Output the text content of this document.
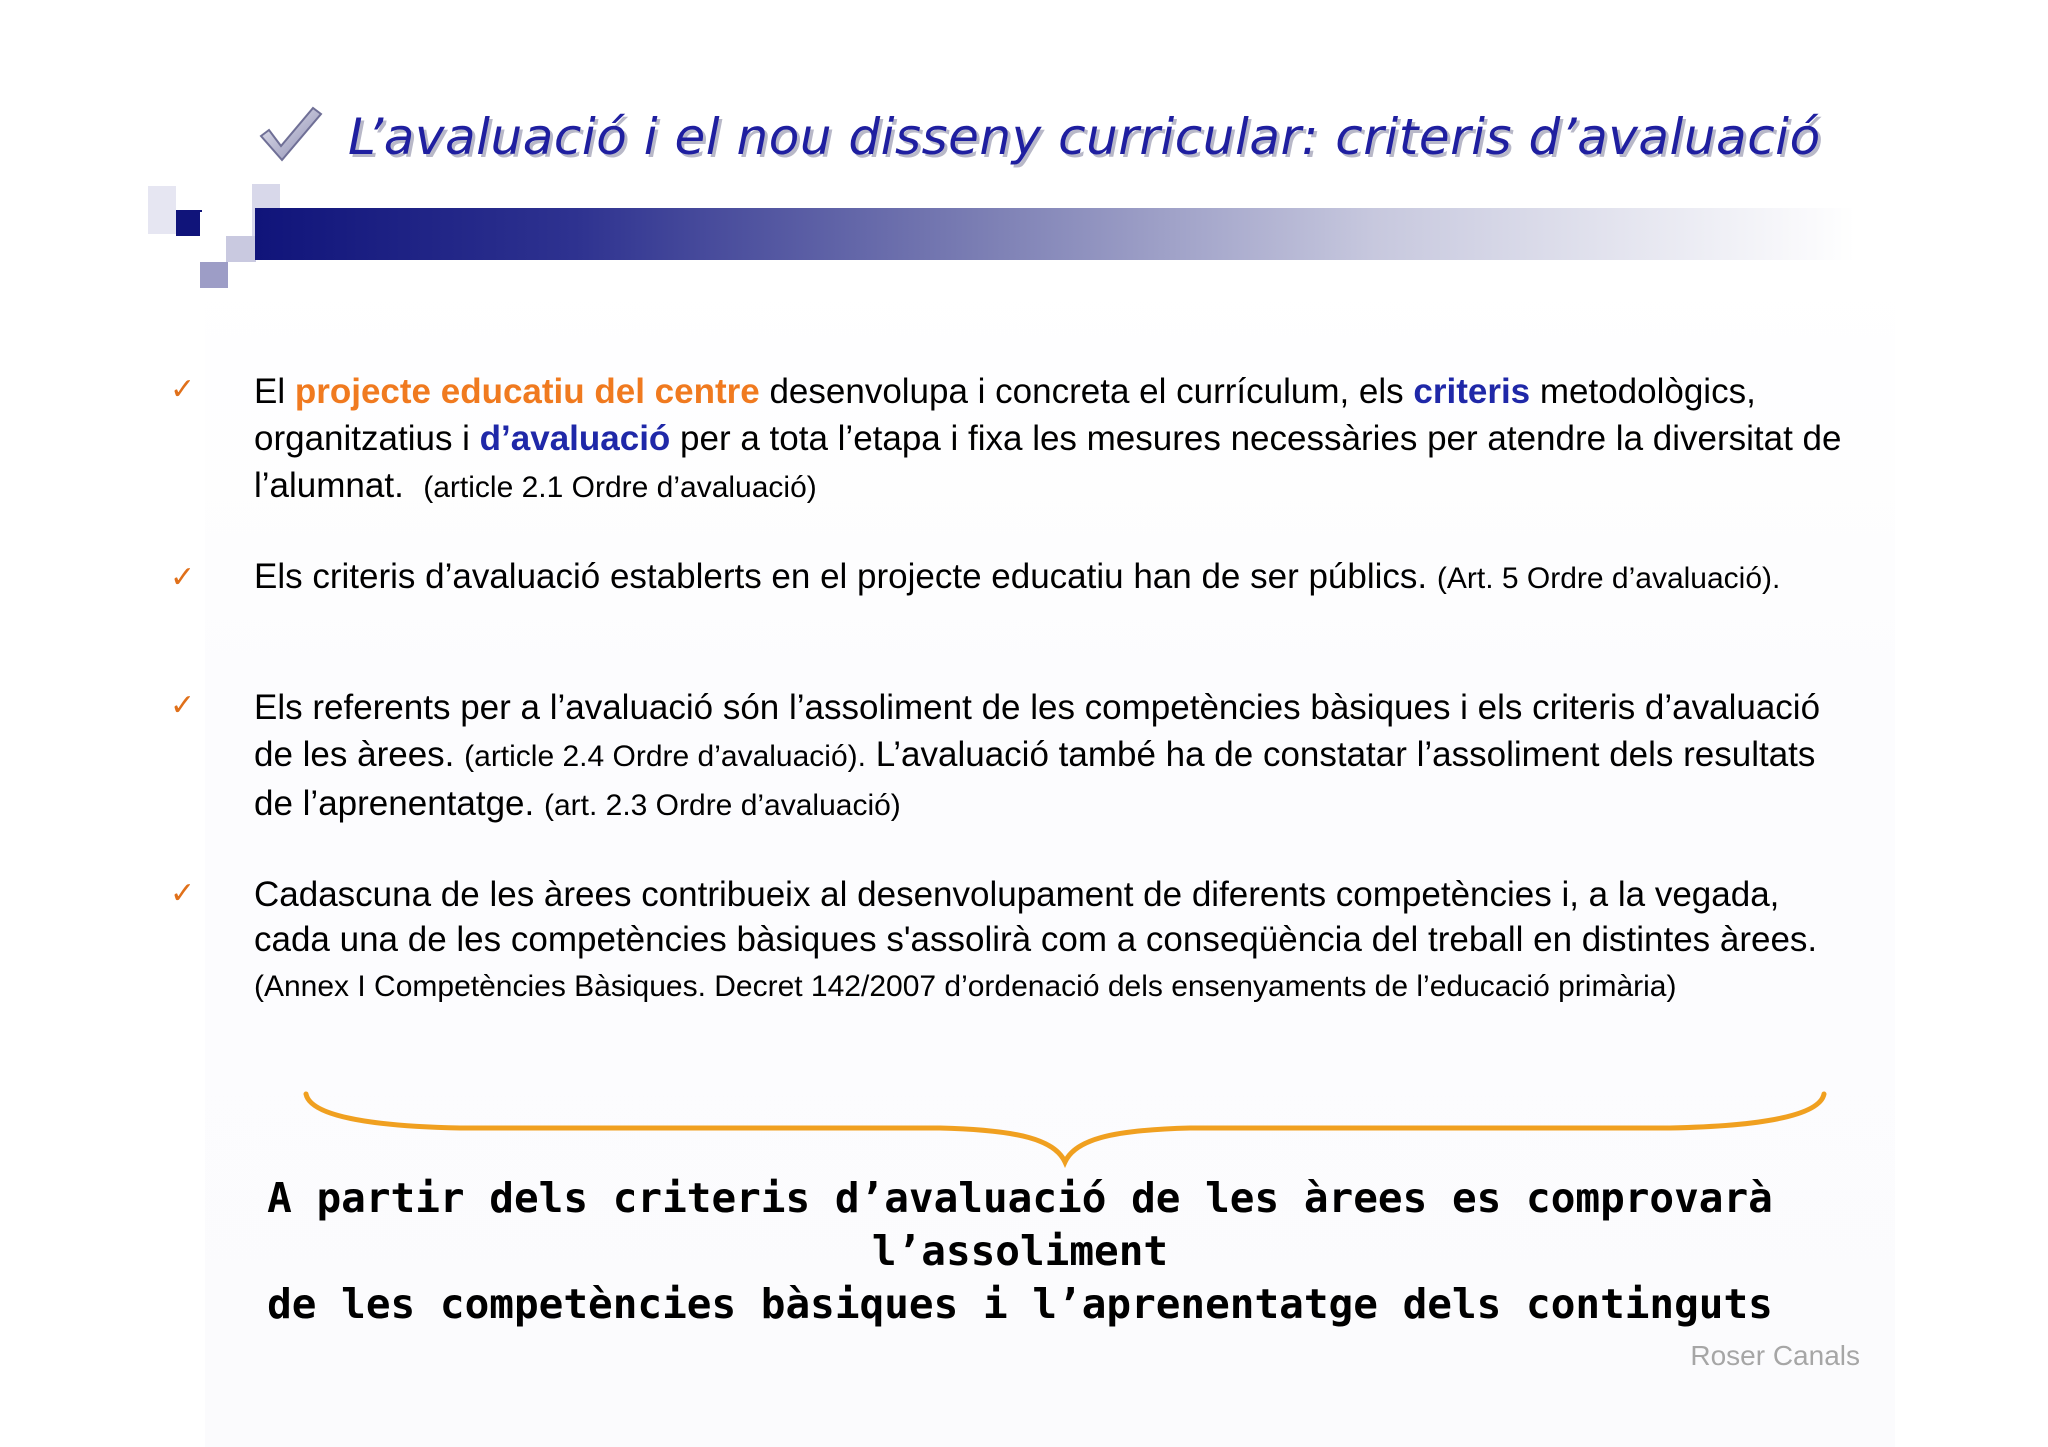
L’avaluació i el nou disseny curricular: criteris d’avaluació
✓ El projecte educatiu del centre desenvolupa i concreta el currículum, els criteris metodològics, organitzatius i d’avaluació per a tota l’etapa i fixa les mesures necessàries per atendre la diversitat de l’alumnat. (article 2.1 Ordre d’avaluació)
✓ Els criteris d’avaluació establerts en el projecte educatiu han de ser públics. (Art. 5 Ordre d’avaluació).
✓ Els referents per a l’avaluació són l’assoliment de les competències bàsiques i els criteris d’avaluació de les àrees. (article 2.4 Ordre d’avaluació). L’avaluació també ha de constatar l’assoliment dels resultats de l’aprenentatge. (art. 2.3 Ordre d’avaluació)
✓ Cadascuna de les àrees contribueix al desenvolupament de diferents competències i, a la vegada, cada una de les competències bàsiques s'assolirà com a conseqüència del treball en distintes àrees. (Annex I Competències Bàsiques. Decret 142/2007 d’ordenació dels ensenyaments de l’educació primària)
A partir dels criteris d’avaluació de les àrees es comprovarà l’assoliment
de les competències bàsiques i l’aprenentatge dels continguts
Roser Canals
